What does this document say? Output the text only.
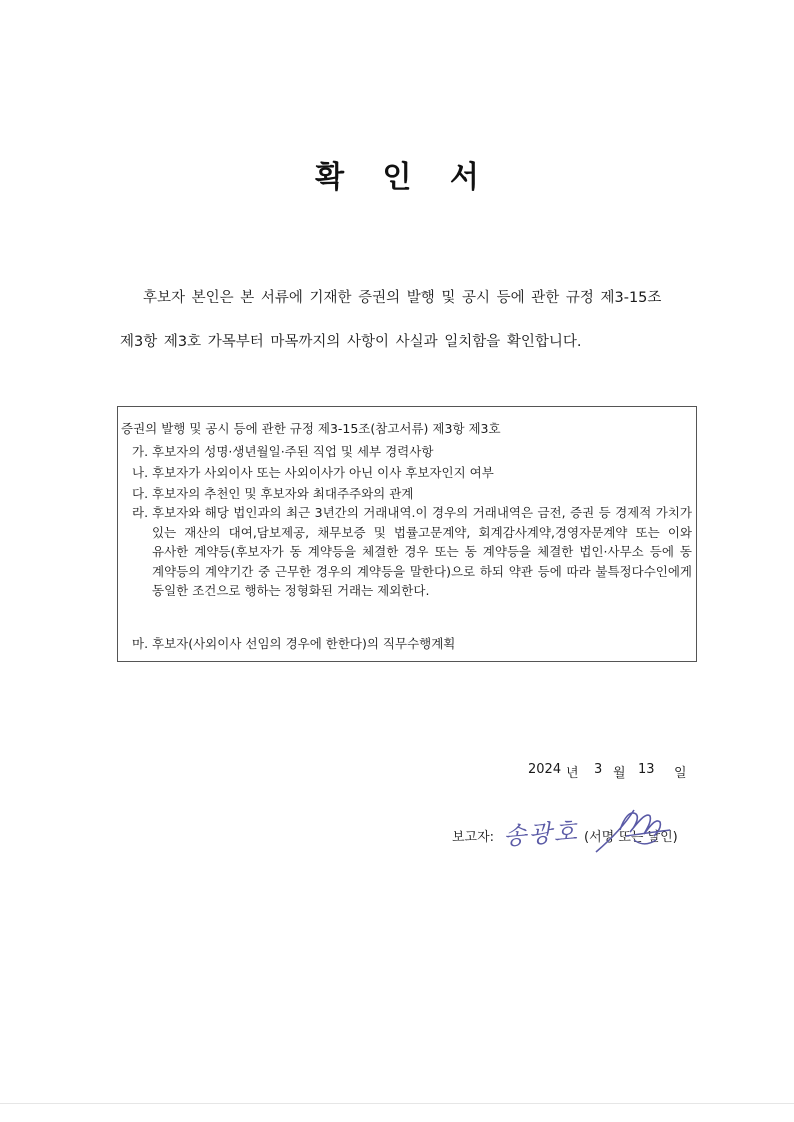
확 인 서
후보자 본인은 본 서류에 기재한 증권의 발행 및 공시 등에 관한 규정 제3-15조
제3항 제3호 가목부터 마목까지의 사항이 사실과 일치함을 확인합니다.
증권의 발행 및 공시 등에 관한 규정 제3-15조(참고서류) 제3항 제3호
가. 후보자의 성명·생년월일·주된 직업 및 세부 경력사항
나. 후보자가 사외이사 또는 사외이사가 아닌 이사 후보자인지 여부
다. 후보자의 추천인 및 후보자와 최대주주와의 관계
라. 후보자와 해당 법인과의 최근 3년간의 거래내역.이 경우의 거래내역은 금전, 증권 등 경제적 가치가 있는 재산의 대여,담보제공, 채무보증 및 법률고문계약, 회계감사계약,경영자문계약 또는 이와 유사한 계약등(후보자가 동 계약등을 체결한 경우 또는 동 계약등을 체결한 법인·사무소 등에 동 계약등의 계약기간 중 근무한 경우의 계약등을 말한다)으로 하되 약관 등에 따라 불특정다수인에게 동일한 조건으로 행하는 정형화된 거래는 제외한다.
마. 후보자(사외이사 선임의 경우에 한한다)의 직무수행계획
2024 년 3 월 13 일
보고자: 송광호 (서명 또는 날인)
